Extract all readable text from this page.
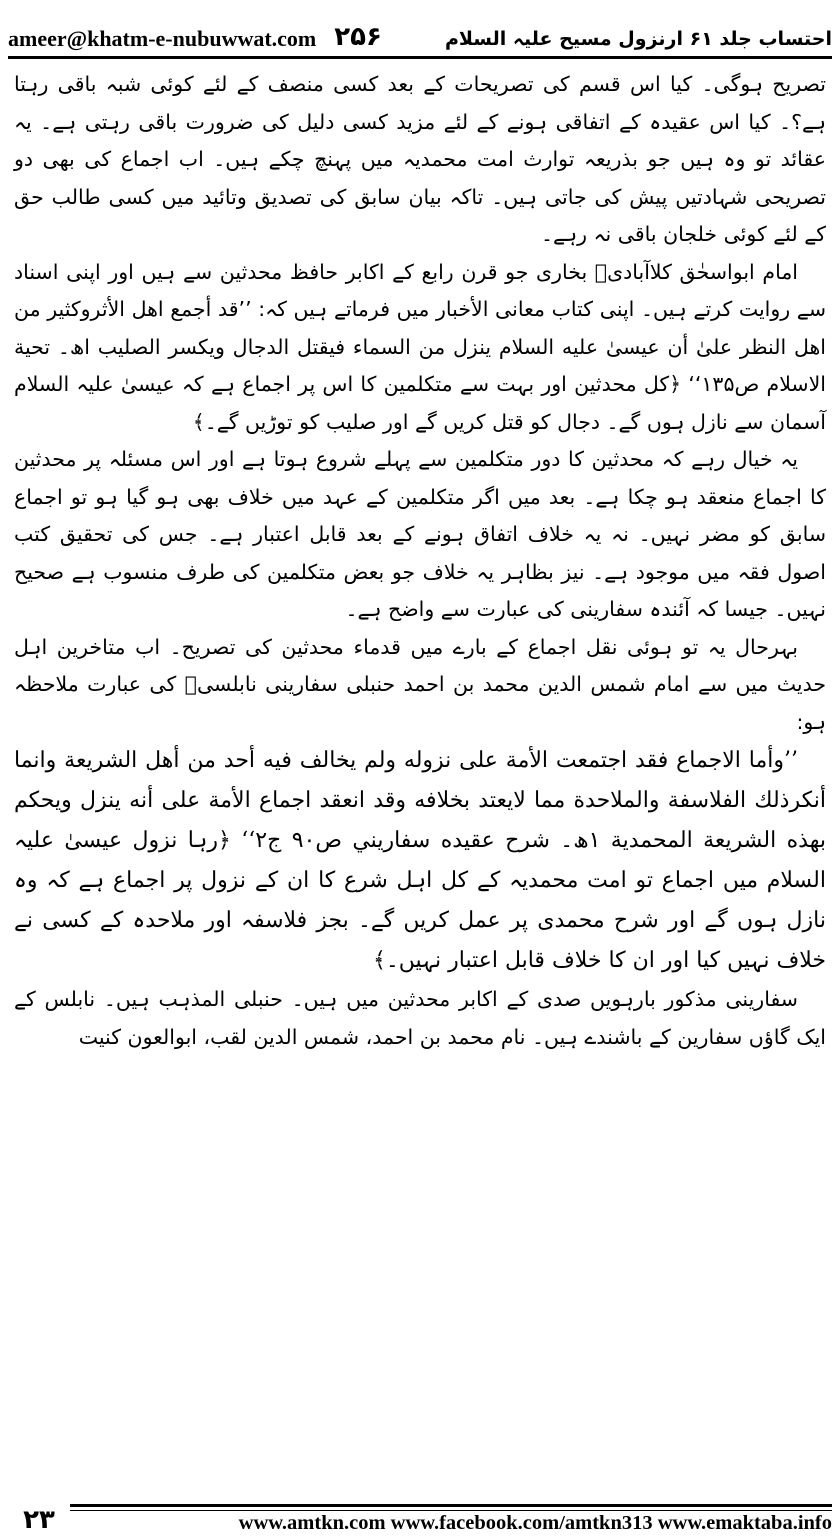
ameer@khatm-e-nubuwwat.com ۲۵۶	احتساب جلد ۶۱ ارنزول مسیح علیہ السلام

تصریح ہوگی۔ کیا اس قسم کی تصریحات کے بعد کسی منصف کے لئے کوئی شبہ باقی رہتا ہے؟۔ کیا اس عقیدہ کے اتفاقی ہونے کے لئے مزید کسی دلیل کی ضرورت باقی رہتی ہے۔ یہ عقائد تو وہ ہیں جو بذریعہ توارث امت محمدیہ میں پہنچ چکے ہیں۔ اب اجماع کی بھی دو تصریحی شہادتیں پیش کی جاتی ہیں۔ تاکہ بیان سابق کی تصدیق وتائید میں کسی طالب حق کے لئے کوئی خلجان باقی نہ رہے۔

امام ابواسحٰق کلاآبادیؒ بخاری جو قرن رابع کے اکابر حافظ محدثین سے ہیں اور اپنی اسناد سے روایت کرتے ہیں۔ اپنی کتاب معانی الأخبار میں فرماتے ہیں کہ: ’’قد أجمع اهل الأثروكثير من اهل النظر علىٰ أن عيسىٰ عليه السلام ينزل من السماء فيقتل الدجال ويكسر الصليب اھ۔ تحية الاسلام ص۱۳۵‘‘ ﴿کل محدثین اور بہت سے متکلمین کا اس پر اجماع ہے کہ عیسیٰ علیہ السلام آسمان سے نازل ہوں گے۔ دجال کو قتل کریں گے اور صلیب کو توڑیں گے۔﴾

یہ خیال رہے کہ محدثین کا دور متکلمین سے پہلے شروع ہوتا ہے اور اس مسئلہ پر محدثین کا اجماع منعقد ہو چکا ہے۔ بعد میں اگر متکلمین کے عہد میں خلاف بھی ہو گیا ہو تو اجماع سابق کو مضر نہیں۔ نہ یہ خلاف اتفاق ہونے کے بعد قابل اعتبار ہے۔ جس کی تحقیق کتب اصول فقہ میں موجود ہے۔ نیز بظاہر یہ خلاف جو بعض متکلمین کی طرف منسوب ہے صحیح نہیں۔ جیسا کہ آئندہ سفارینی کی عبارت سے واضح ہے۔

بہرحال یہ تو ہوئی نقل اجماع کے بارے میں قدماء محدثین کی تصریح۔ اب متاخرین اہل حدیث میں سے امام شمس الدین محمد بن احمد حنبلی سفارینی نابلسیؒ کی عبارت ملاحظہ ہو:

’’وأما الاجماع فقد اجتمعت الأمة على نزوله ولم يخالف فيه أحد من أهل الشريعة وانما أنكرذلك الفلاسفة والملاحدة مما لايعتد بخلافه وقد انعقد اجماع الأمة على أنه ينزل ويحكم بهذه الشريعة المحمدية ١ھ۔ شرح عقيده سفاريني ص٩٠ ج٢‘‘ ﴿رہا نزول عیسیٰ علیہ السلام میں اجماع تو امت محمدیہ کے کل اہل شرع کا ان کے نزول پر اجماع ہے کہ وہ نازل ہوں گے اور شرح محمدی پر عمل کریں گے۔ بجز فلاسفہ اور ملاحدہ کے کسی نے خلاف نہیں کیا اور ان کا خلاف قابل اعتبار نہیں۔﴾

سفارینی مذکور بارہویں صدی کے اکابر محدثین میں ہیں۔ حنبلی المذہب ہیں۔ نابلس کے ایک گاؤں سفارین کے باشندے ہیں۔ نام محمد بن احمد، شمس الدین لقب، ابوالعون کنیت

۲۳	www.amtkn.com www.facebook.com/amtkn313 www.emaktaba.info
